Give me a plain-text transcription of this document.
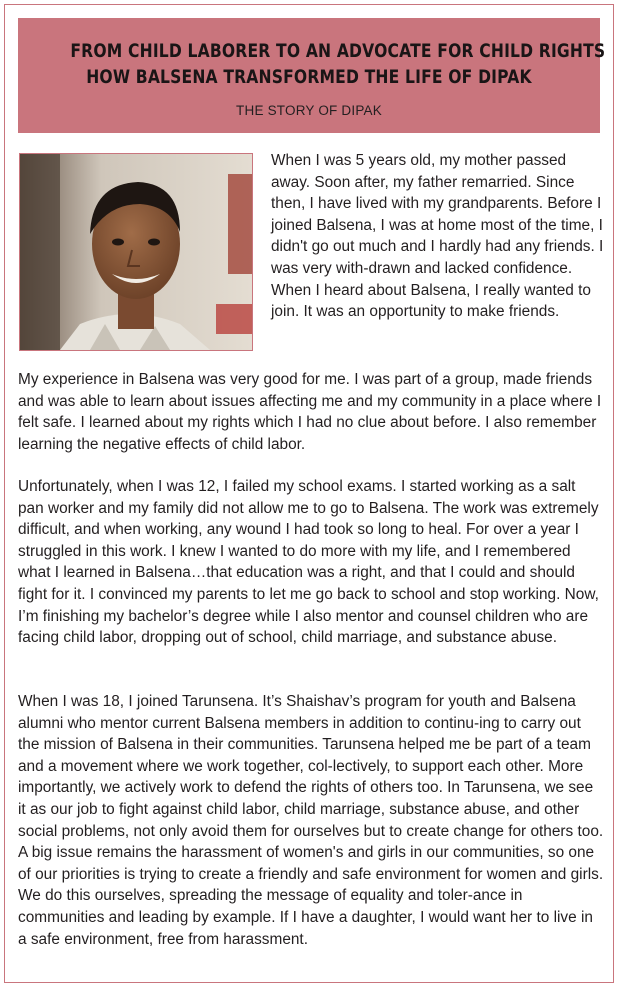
FROM CHILD LABORER TO AN ADVOCATE FOR CHILD RIGHTS
HOW BALSENA TRANSFORMED THE LIFE OF DIPAK
THE STORY OF DIPAK

When I was 5 years old, my mother passed away. Soon after, my father remarried. Since then, I have lived with my grandparents. Before I joined Balsena, I was at home most of the time, I didn't go out much and I hardly had any friends. I was very with-drawn and lacked confidence. When I heard about Balsena, I really wanted to join. It was an opportunity to make friends.

My experience in Balsena was very good for me. I was part of a group, made friends and was able to learn about issues affecting me and my community in a place where I felt safe. I learned about my rights which I had no clue about before. I also remember learning the negative effects of child labor.

Unfortunately, when I was 12, I failed my school exams. I started working as a salt pan worker and my family did not allow me to go to Balsena. The work was extremely difficult, and when working, any wound I had took so long to heal. For over a year I struggled in this work. I knew I wanted to do more with my life, and I remembered what I learned in Balsena…that education was a right, and that I could and should fight for it. I convinced my parents to let me go back to school and stop working. Now, I’m finishing my bachelor’s degree while I also mentor and counsel children who are facing child labor, dropping out of school, child marriage, and substance abuse.

When I was 18, I joined Tarunsena. It’s Shaishav’s program for youth and Balsena alumni who mentor current Balsena members in addition to continu-ing to carry out the mission of Balsena in their communities. Tarunsena helped me be part of a team and a movement where we work together, col-lectively, to support each other. More importantly, we actively work to defend the rights of others too. In Tarunsena, we see it as our job to fight against child labor, child marriage, substance abuse, and other social problems, not only avoid them for ourselves but to create change for others too. A big issue remains the harassment of women's and girls in our communities, so one of our priorities is trying to create a friendly and safe environment for women and girls. We do this ourselves, spreading the message of equality and toler-ance in communities and leading by example. If I have a daughter, I would want her to live in a safe environment, free from harassment.
